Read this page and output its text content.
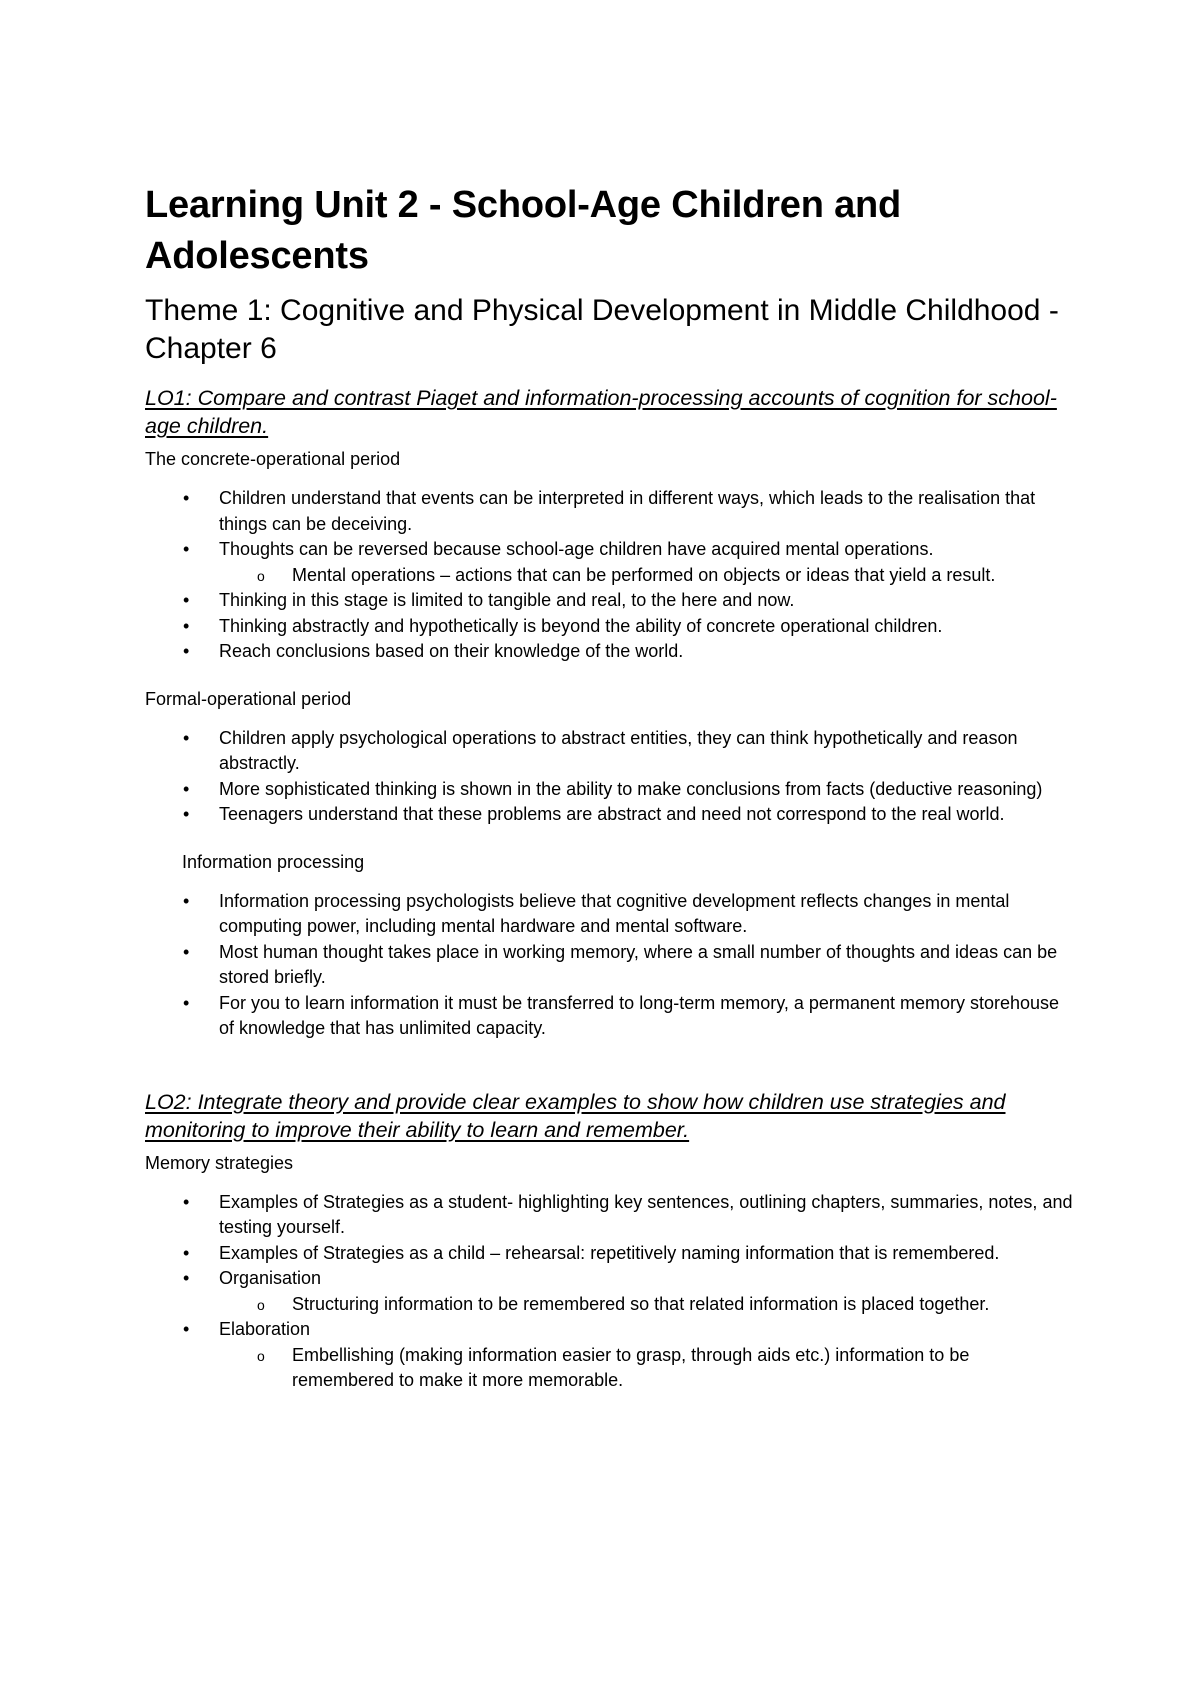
Learning Unit 2 - School-Age Children and Adolescents
Theme 1: Cognitive and Physical Development in Middle Childhood - Chapter 6

LO1: Compare and contrast Piaget and information-processing accounts of cognition for school-age children.

The concrete-operational period

• Children understand that events can be interpreted in different ways, which leads to the realisation that things can be deceiving.
• Thoughts can be reversed because school-age children have acquired mental operations.
o Mental operations – actions that can be performed on objects or ideas that yield a result.
• Thinking in this stage is limited to tangible and real, to the here and now.
• Thinking abstractly and hypothetically is beyond the ability of concrete operational children.
• Reach conclusions based on their knowledge of the world.

Formal-operational period

• Children apply psychological operations to abstract entities, they can think hypothetically and reason abstractly.
• More sophisticated thinking is shown in the ability to make conclusions from facts (deductive reasoning)
• Teenagers understand that these problems are abstract and need not correspond to the real world.

Information processing

• Information processing psychologists believe that cognitive development reflects changes in mental computing power, including mental hardware and mental software.
• Most human thought takes place in working memory, where a small number of thoughts and ideas can be stored briefly.
• For you to learn information it must be transferred to long-term memory, a permanent memory storehouse of knowledge that has unlimited capacity.

LO2: Integrate theory and provide clear examples to show how children use strategies and monitoring to improve their ability to learn and remember.

Memory strategies

• Examples of Strategies as a student- highlighting key sentences, outlining chapters, summaries, notes, and testing yourself.
• Examples of Strategies as a child – rehearsal: repetitively naming information that is remembered.
• Organisation
o Structuring information to be remembered so that related information is placed together.
• Elaboration
o Embellishing (making information easier to grasp, through aids etc.) information to be remembered to make it more memorable.
